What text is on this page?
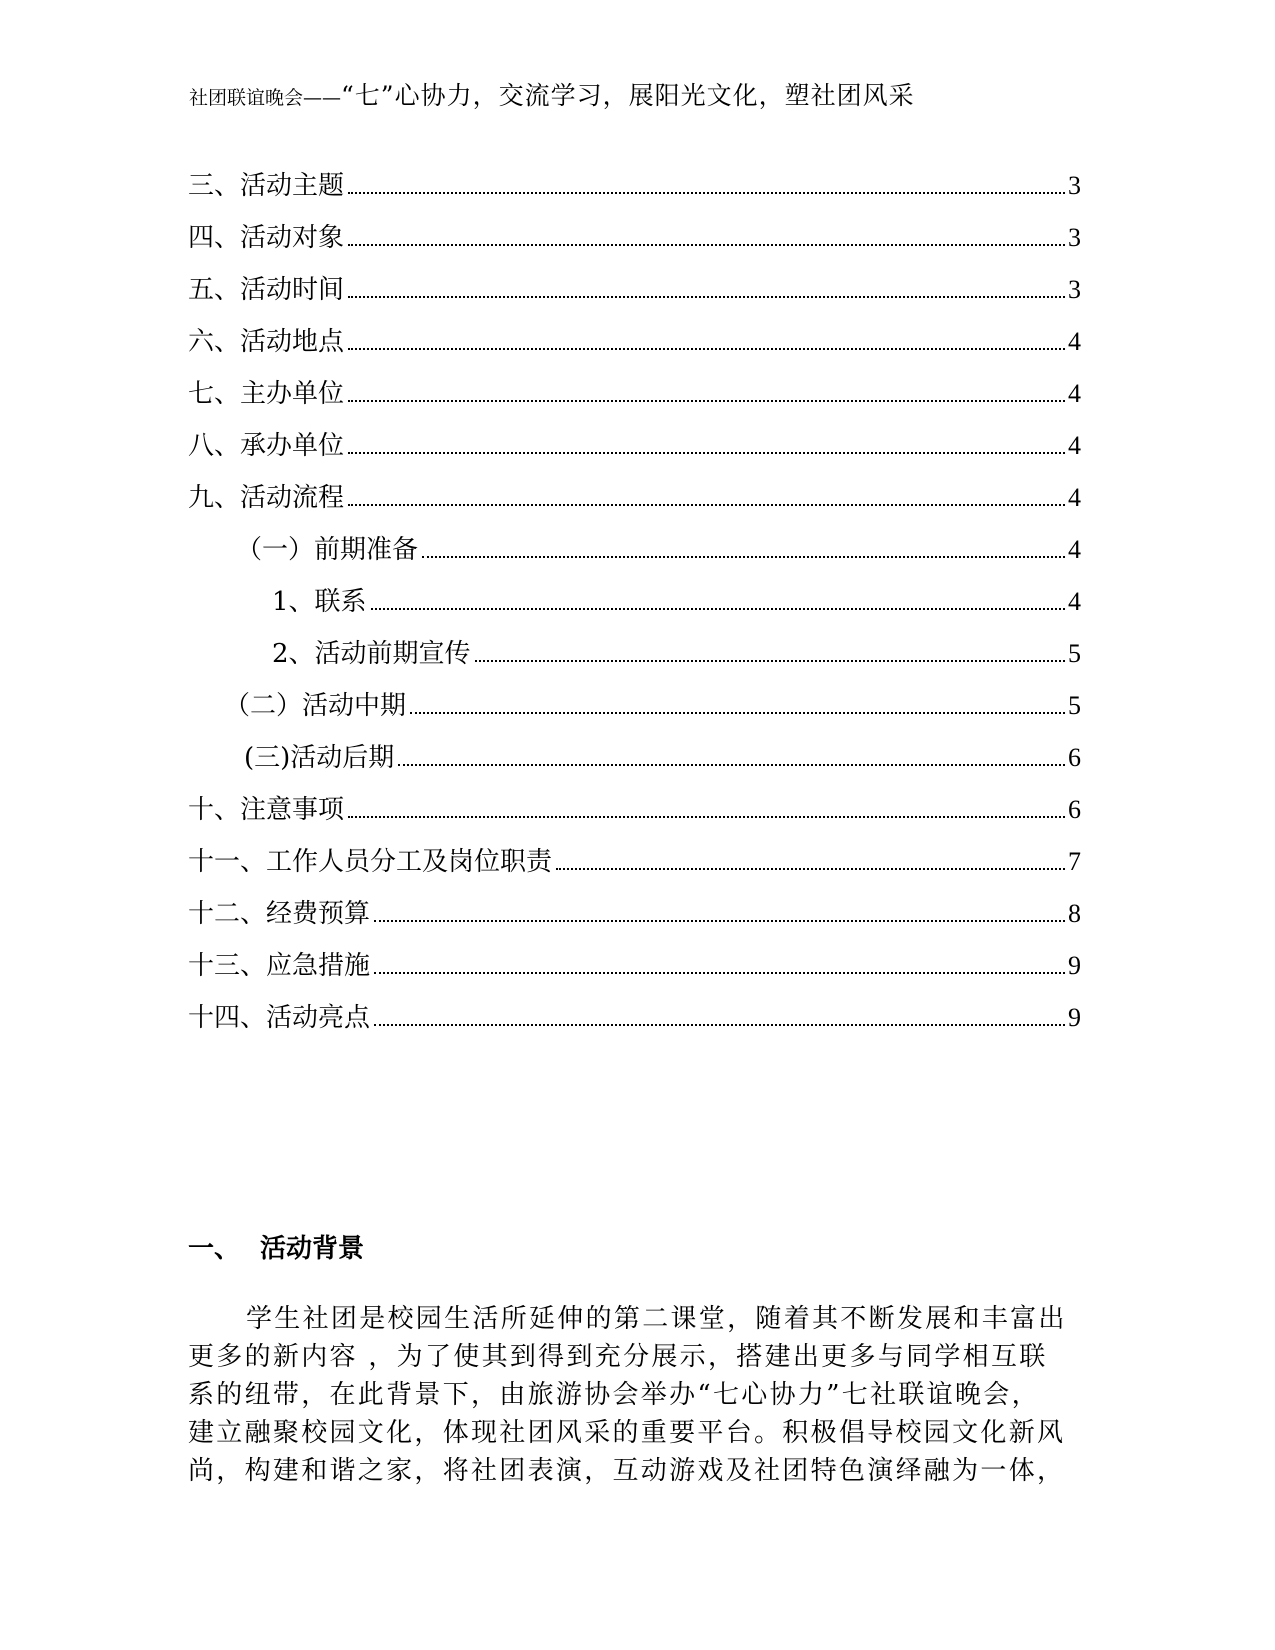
社团联谊晚会——“七”心协力，交流学习，展阳光文化，塑社团风采
三、活动主题	3
四、活动对象	3
五、活动时间	3
六、活动地点	4
七、主办单位	4
八、承办单位	4
九、活动流程	4
（一）前期准备	4
1、联系	4
2、活动前期宣传	5
（二）活动中期	5
(三)活动后期	6
十、注意事项	6
十一、工作人员分工及岗位职责	7
十二、经费预算	8
十三、应急措施	9
十四、活动亮点	9
一、 活动背景
学生社团是校园生活所延伸的第二课堂，随着其不断发展和丰富出
更多的新内容 ，为了使其到得到充分展示，搭建出更多与同学相互联
系的纽带，在此背景下，由旅游协会举办“七心协力”七社联谊晚会，
建立融聚校园文化，体现社团风采的重要平台。积极倡导校园文化新风
尚，构建和谐之家，将社团表演，互动游戏及社团特色演绎融为一体，
